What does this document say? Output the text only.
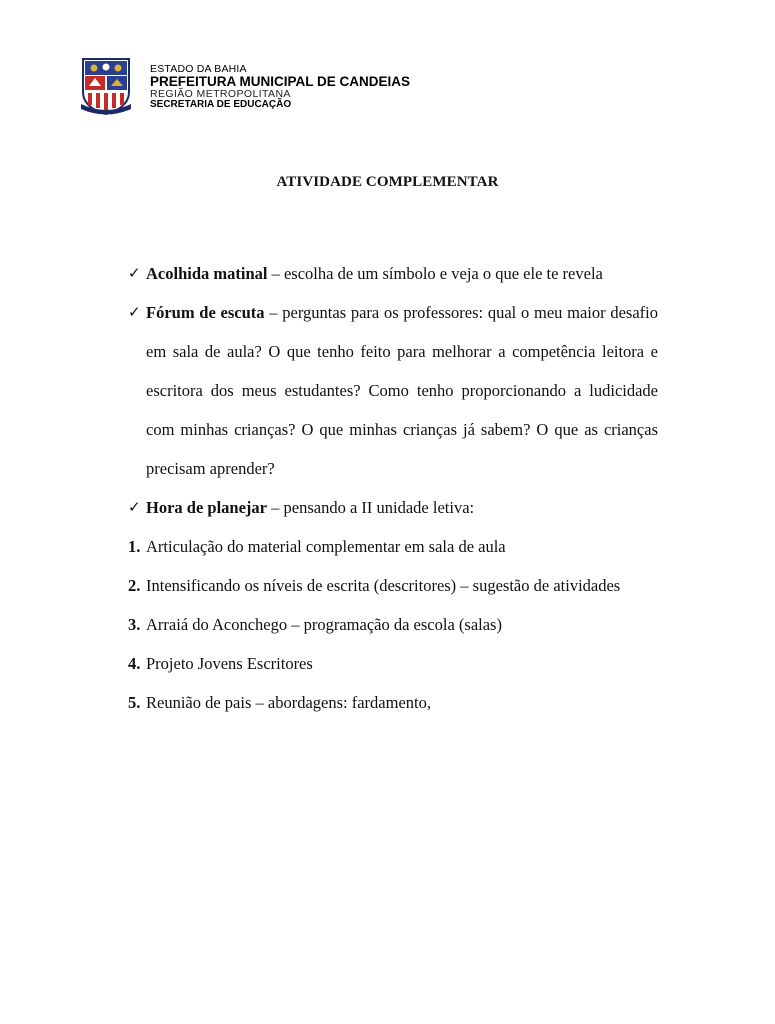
ESTADO DA BAHIA
PREFEITURA MUNICIPAL DE CANDEIAS
REGIÃO METROPOLITANA
SECRETARIA DE EDUCAÇÃO
ATIVIDADE COMPLEMENTAR
✓ Acolhida matinal – escolha de um símbolo e veja o que ele te revela
✓ Fórum de escuta – perguntas para os professores: qual o meu maior desafio em sala de aula? O que tenho feito para melhorar a competência leitora e escritora dos meus estudantes? Como tenho proporcionando a ludicidade com minhas crianças? O que minhas crianças já sabem? O que as crianças precisam aprender?
✓ Hora de planejar – pensando a II unidade letiva:
1. Articulação do material complementar em sala de aula
2. Intensificando os níveis de escrita (descritores) – sugestão de atividades
3. Arraiá do Aconchego – programação da escola (salas)
4. Projeto Jovens Escritores
5. Reunião de pais – abordagens: fardamento,
